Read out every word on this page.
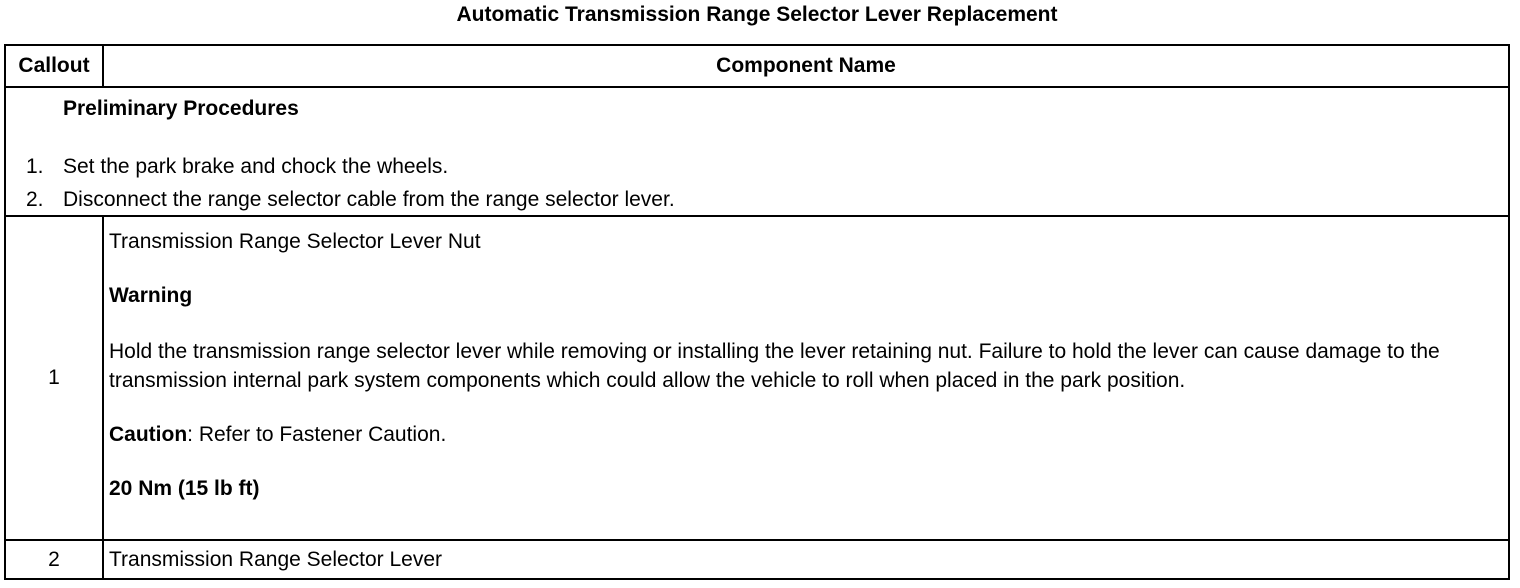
Automatic Transmission Range Selector Lever Replacement
Callout	Component Name

Preliminary Procedures
1. Set the park brake and chock the wheels.
2. Disconnect the range selector cable from the range selector lever.	

1	Transmission Range Selector Lever Nut

Warning

Hold the transmission range selector lever while removing or installing the lever retaining nut. Failure to hold the lever can cause damage to the transmission internal park system components which could allow the vehicle to roll when placed in the park position.

Caution: Refer to Fastener Caution.

20 Nm (15 lb ft)

2	Transmission Range Selector Lever
